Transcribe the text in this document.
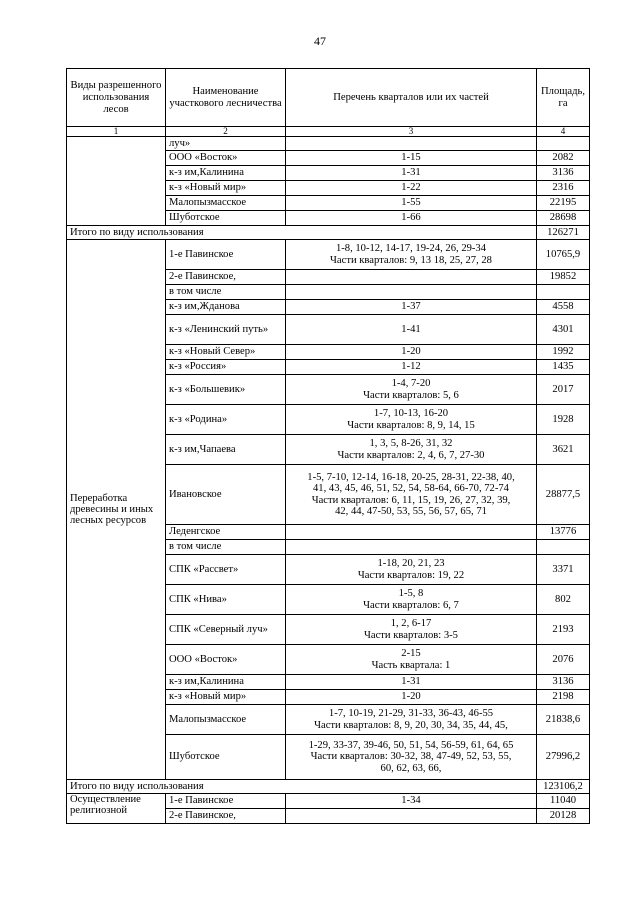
47
Виды разрешенного использования лесов	Наименование участкового лесничества	Перечень кварталов или их частей	Площадь, га
1	2	3	4
	луч»		
	ООО «Восток»	1-15	2082
	к-з им,Калинина	1-31	3136
	к-з «Новый мир»	1-22	2316
	Малопызмасское	1-55	22195
	Шуботское	1-66	28698
Итого по виду использования			126271
Переработка древесины и иных лесных ресурсов	1-е Павинское	1-8, 10-12, 14-17, 19-24, 26, 29-34
Части кварталов: 9, 13 18, 25, 27, 28	10765,9
	2-е Павинское,		19852
	в том числе		
	к-з им,Жданова	1-37	4558
	к-з «Ленинский путь»	1-41	4301
	к-з «Новый Север»	1-20	1992
	к-з «Россия»	1-12	1435
	к-з «Большевик»	1-4, 7-20
Части кварталов: 5, 6	2017
	к-з «Родина»	1-7, 10-13, 16-20
Части кварталов: 8, 9, 14, 15	1928
	к-з им,Чапаева	1, 3, 5, 8-26, 31, 32
Части кварталов: 2, 4, 6, 7, 27-30	3621
	Ивановское	1-5, 7-10, 12-14, 16-18, 20-25, 28-31, 22-38, 40,
41, 43, 45, 46, 51, 52, 54, 58-64, 66-70, 72-74
Части кварталов: 6, 11, 15, 19, 26, 27, 32, 39,
42, 44, 47-50, 53, 55, 56, 57, 65, 71	28877,5
	Леденгское		13776
	в том числе		
	СПК «Рассвет»	1-18, 20, 21, 23
Части кварталов: 19, 22	3371
	СПК «Нива»	1-5, 8
Части кварталов: 6, 7	802
	СПК «Северный луч»	1, 2, 6-17
Части кварталов: 3-5	2193
	ООО «Восток»	2-15
Часть квартала: 1	2076
	к-з им,Калинина	1-31	3136
	к-з «Новый мир»	1-20	2198
	Малопызмасское	1-7, 10-19, 21-29, 31-33, 36-43, 46-55
Части кварталов: 8, 9, 20, 30, 34, 35, 44, 45,	21838,6
	Шуботское	1-29, 33-37, 39-46, 50, 51, 54, 56-59, 61, 64, 65
Части кварталов: 30-32, 38, 47-49, 52, 53, 55,
60, 62, 63, 66,	27996,2
Итого по виду использования			123106,2
Осуществление религиозной	1-е Павинское	1-34	11040
	2-е Павинское,		20128
